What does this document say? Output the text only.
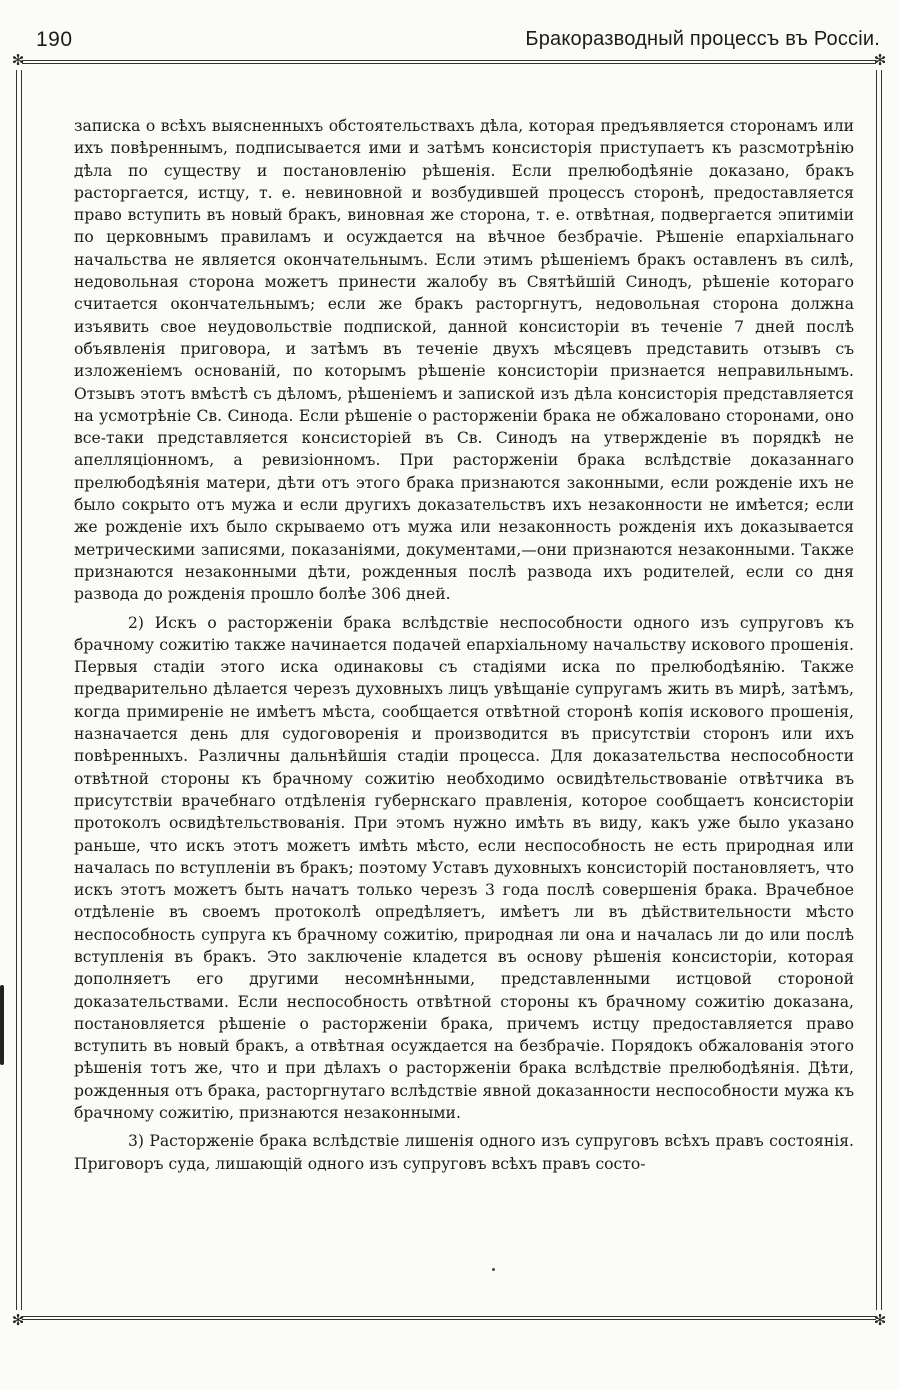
190	Бракоразводный процессъ въ Россіи.
✻	✻
✻	✻

записка о всѣхъ выясненныхъ обстоятельствахъ дѣла, которая предъявляется сторонамъ или ихъ повѣреннымъ, подписывается ими и затѣмъ консисторія приступаетъ къ разсмотрѣнію дѣла по существу и постановленію рѣшенія. Если прелюбодѣяніе доказано, бракъ расторгается, истцу, т. е. невиновной и возбудившей процессъ сторонѣ, предоставляется право вступить въ новый бракъ, виновная же сторона, т. е. отвѣтная, подвергается эпитиміи по церковнымъ правиламъ и осуждается на вѣчное безбрачіе. Рѣшеніе епархіальнаго начальства не является окончательнымъ. Если этимъ рѣшеніемъ бракъ оставленъ въ силѣ, недовольная сторона можетъ принести жалобу въ Святѣйшій Синодъ, рѣшеніе котораго считается окончательнымъ; если же бракъ расторгнутъ, недовольная сторона должна изъявить свое неудовольствіе подпиской, данной консисторіи въ теченіе 7 дней послѣ объявленія приговора, и затѣмъ въ теченіе двухъ мѣсяцевъ представить отзывъ съ изложеніемъ основаній, по которымъ рѣшеніе консисторіи признается неправильнымъ. Отзывъ этотъ вмѣстѣ съ дѣломъ, рѣшеніемъ и запиской изъ дѣла консисторія представляется на усмотрѣніе Св. Синода. Если рѣшеніе о расторженіи брака не обжаловано сторонами, оно все-таки представляется консисторіей въ Св. Синодъ на утвержденіе въ порядкѣ не апелляціонномъ, а ревизіонномъ. При расторженіи брака вслѣдствіе доказаннаго прелюбодѣянія матери, дѣти отъ этого брака признаются законными, если рожденіе ихъ не было сокрыто отъ мужа и если другихъ доказательствъ ихъ незаконности не имѣется; если же рожденіе ихъ было скрываемо отъ мужа или незаконность рожденія ихъ доказывается метрическими записями, показаніями, документами,—они признаются незаконными. Также признаются незаконными дѣти, рожденныя послѣ развода ихъ родителей, если со дня развода до рожденія прошло болѣе 306 дней.

2) Искъ о расторженіи брака вслѣдствіе неспособности одного изъ супруговъ къ брачному сожитію также начинается подачей епархіальному начальству искового прошенія. Первыя стадіи этого иска одинаковы съ стадіями иска по прелюбодѣянію. Также предварительно дѣлается черезъ духовныхъ лицъ увѣщаніе супругамъ жить въ мирѣ, затѣмъ, когда примиреніе не имѣетъ мѣста, сообщается отвѣтной сторонѣ копія искового прошенія, назначается день для судоговоренія и производится въ присутствіи сторонъ или ихъ повѣренныхъ. Различны дальнѣйшія стадіи процесса. Для доказательства неспособности отвѣтной стороны къ брачному сожитію необходимо освидѣтельствованіе отвѣтчика въ присутствіи врачебнаго отдѣленія губернскаго правленія, которое сообщаетъ консисторіи протоколъ освидѣтельствованія. При этомъ нужно имѣть въ виду, какъ уже было указано раньше, что искъ этотъ можетъ имѣть мѣсто, если неспособность не есть природная или началась по вступленіи въ бракъ; поэтому Уставъ духовныхъ консисторій постановляетъ, что искъ этотъ можетъ быть начатъ только черезъ 3 года послѣ совершенія брака. Врачебное отдѣленіе въ своемъ протоколѣ опредѣляетъ, имѣетъ ли въ дѣйствительности мѣсто неспособность супруга къ брачному сожитію, природная ли она и началась ли до или послѣ вступленія въ бракъ. Это заключеніе кладется въ основу рѣшенія консисторіи, которая дополняетъ его другими несомнѣнными, представленными истцовой стороной доказательствами. Если неспособность отвѣтной стороны къ брачному сожитію доказана, постановляется рѣшеніе о расторженіи брака, причемъ истцу предоставляется право вступить въ новый бракъ, а отвѣтная осуждается на безбрачіе. Порядокъ обжалованія этого рѣшенія тотъ же, что и при дѣлахъ о расторженіи брака вслѣдствіе прелюбодѣянія. Дѣти, рожденныя отъ брака, расторгнутаго вслѣдствіе явной доказанности неспособности мужа къ брачному сожитію, признаются незаконными.

3) Расторженіе брака вслѣдствіе лишенія одного изъ супруговъ всѣхъ правъ состоянія. Приговоръ суда, лишающій одного изъ супруговъ всѣхъ правъ состо-
